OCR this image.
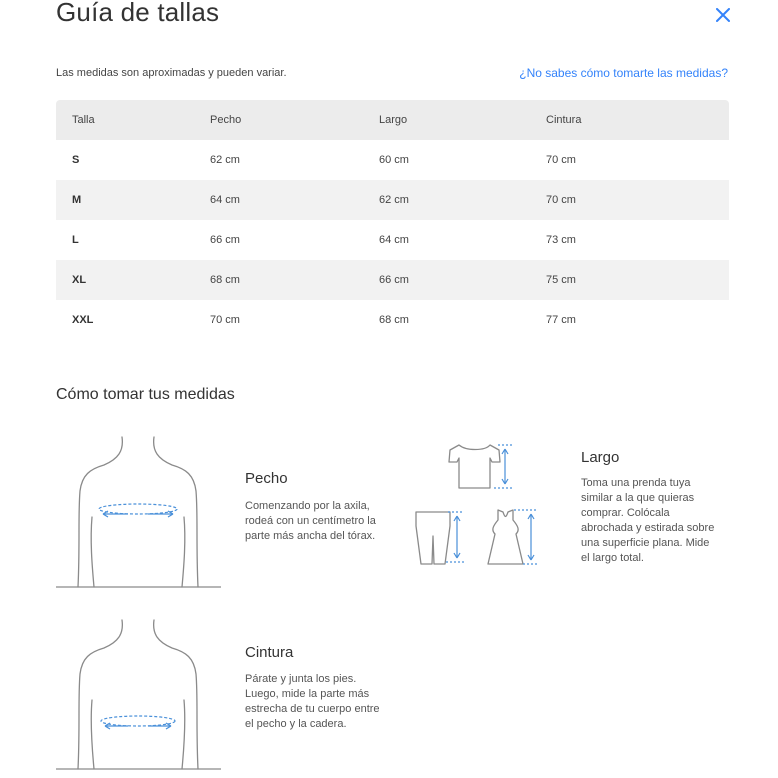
Guía de tallas
Las medidas son aproximadas y pueden variar.	¿No sabes cómo tomarte las medidas?
Talla	Pecho	Largo	Cintura
S	62 cm	60 cm	70 cm
M	64 cm	62 cm	70 cm
L	66 cm	64 cm	73 cm
XL	68 cm	66 cm	75 cm
XXL	70 cm	68 cm	77 cm
Cómo tomar tus medidas
Pecho
Comenzando por la axila,
rodeá con un centímetro la
parte más ancha del tórax.
Largo
Toma una prenda tuya
similar a la que quieras
comprar. Colócala
abrochada y estirada sobre
una superficie plana. Mide
el largo total.
Cintura
Párate y junta los pies.
Luego, mide la parte más
estrecha de tu cuerpo entre
el pecho y la cadera.
